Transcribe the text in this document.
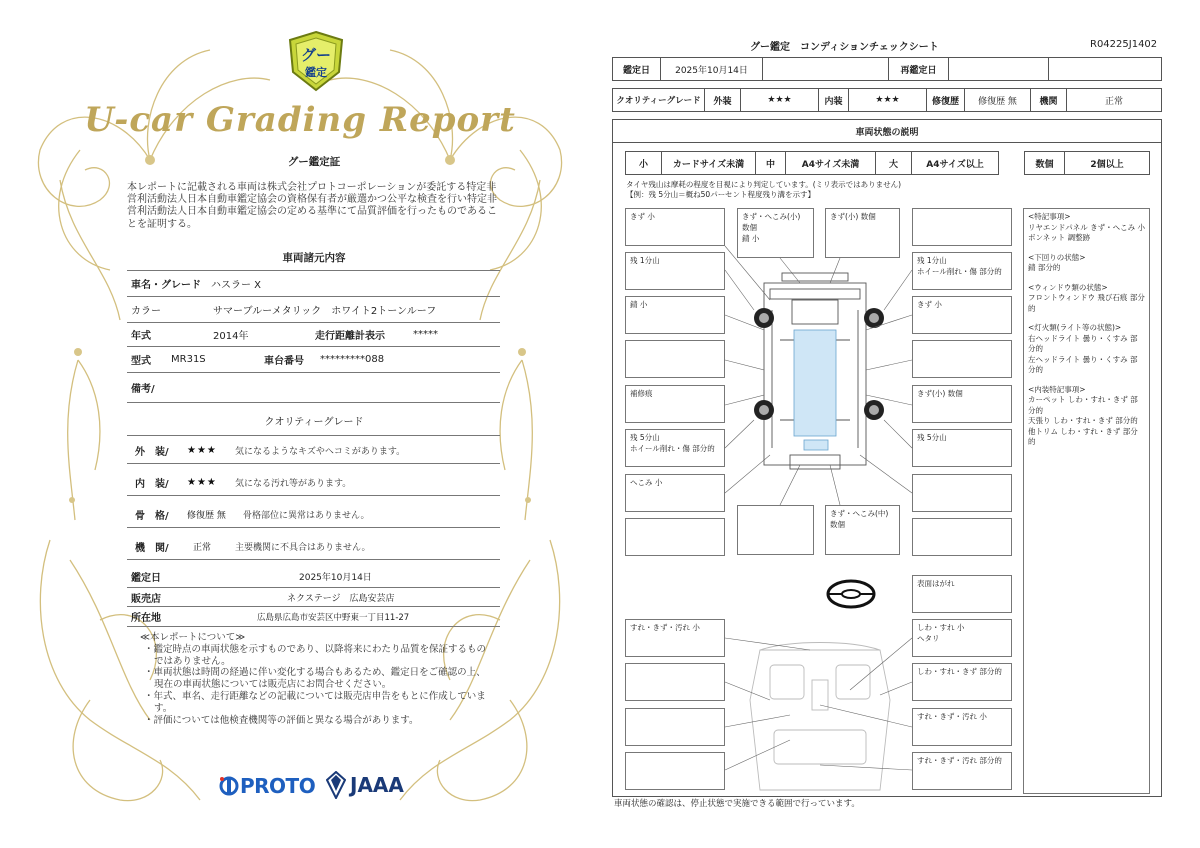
グー
鑑定
U-car Grading Report
グー鑑定証
本レポートに記載される車両は株式会社プロトコーポレーションが委託する特定非営利活動法人日本自動車鑑定協会の資格保有者が厳選かつ公平な検査を行い特定非営利活動法人日本自動車鑑定協会の定める基準にて品質評価を行ったものであることを証明する。
車両諸元内容
車名・グレード	ハスラー X
カラー	サマーブルーメタリック　ホワイト2トーンルーフ
年式	2014年	走行距離計表示	*****
型式	MR31S	車台番号	*********088
備考/
クオリティーグレード
外　装/	★★★	気になるようなキズやヘコミがあります。
内　装/	★★★	気になる汚れ等があります。
骨　格/	修復歴 無	骨格部位に異常はありません。
機　関/	正常	主要機関に不具合はありません。
鑑定日	2025年10月14日
販売店	ネクステージ　広島安芸店
所在地	広島県広島市安芸区中野東一丁目11-27
≪本レポートについて≫
・鑑定時点の車両状態を示すものであり、以降将来にわたり品質を保証するものではありません。
・車両状態は時間の経過に伴い変化する場合もあるため、鑑定日をご確認の上、現在の車両状態については販売店にお問合せください。
・年式、車名、走行距離などの記載については販売店申告をもとに作成しています。
・評価については他検査機関等の評価と異なる場合があります。
PROTO JAAA
グー鑑定　コンディションチェックシート	R04225J1402
鑑定日	2025年10月14日	再鑑定日
クオリティーグレード	外装	★★★	内装	★★★	修復歴	修復歴 無	機関	正常
車両状態の説明
小	カードサイズ未満	中	A4サイズ未満	大	A4サイズ以上	数個	2個以上
タイヤ残山は摩耗の程度を目視により判定しています。(ミリ表示ではありません)
【例：残 5分山＝概ね50パーセント程度残り溝を示す】
きず 小	きず・へこみ(小) 数個
錆 小
きず(小) 数個
残 1分山	残 1分山
ホイール削れ・傷 部分的
錆 小	きず 小
補修痕	きず(小) 数個
残 5分山
ホイール削れ・傷 部分的
残 5分山
へこみ 小
きず・へこみ(中) 数個
表面はがれ
すれ・きず・汚れ 小	しわ・すれ 小
へタリ
しわ・すれ・きず 部分的
すれ・きず・汚れ 小
すれ・きず・汚れ 部分的
<特記事項>
リヤエンドパネル きず・へこみ 小
ボンネット 調整跡
<下回りの状態>
錆 部分的
<ウィンドウ類の状態>
フロントウィンドウ 飛び石痕 部分的
<灯火類(ライト等の状態)>
右ヘッドライト 曇り・くすみ 部分的
左ヘッドライト 曇り・くすみ 部分的
<内装特記事項>
カーペット しわ・すれ・きず 部分的
天張り しわ・すれ・きず 部分的
他トリム しわ・すれ・きず 部分的
車両状態の確認は、停止状態で実施できる範囲で行っています。
